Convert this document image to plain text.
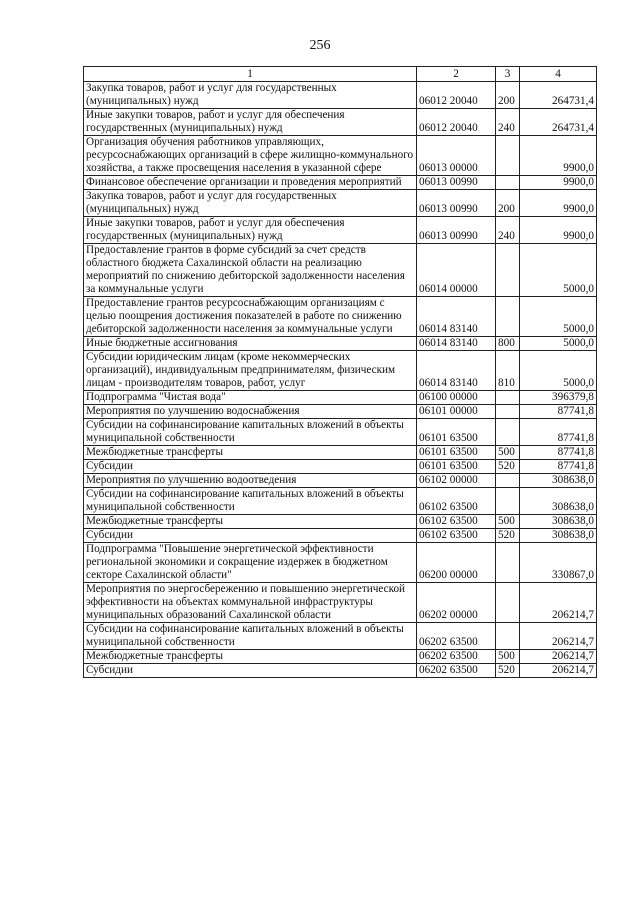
256
1	2	3	4
Закупка товаров, работ и услуг для государственных (муниципальных) нужд	06012 20040	200	264731,4
Иные закупки товаров, работ и услуг для обеспечения государственных (муниципальных) нужд	06012 20040	240	264731,4
Организация обучения работников управляющих, ресурсоснабжающих организаций в сфере жилищно-коммунального хозяйства, а также просвещения населения в указанной сфере	06013 00000		9900,0
Финансовое обеспечение организации и проведения мероприятий	06013 00990		9900,0
Закупка товаров, работ и услуг для государственных (муниципальных) нужд	06013 00990	200	9900,0
Иные закупки товаров, работ и услуг для обеспечения государственных (муниципальных) нужд	06013 00990	240	9900,0
Предоставление грантов в форме субсидий за счет средств областного бюджета Сахалинской области на реализацию мероприятий по снижению дебиторской задолженности населения за коммунальные услуги	06014 00000		5000,0
Предоставление грантов ресурсоснабжающим организациям с целью поощрения достижения показателей в работе по снижению дебиторской задолженности населения за коммунальные услуги	06014 83140		5000,0
Иные бюджетные ассигнования	06014 83140	800	5000,0
Субсидии юридическим лицам (кроме некоммерческих организаций), индивидуальным предпринимателям, физическим лицам - производителям товаров, работ, услуг	06014 83140	810	5000,0
Подпрограмма "Чистая вода"	06100 00000		396379,8
Мероприятия по улучшению водоснабжения	06101 00000		87741,8
Субсидии на софинансирование капитальных вложений в объекты муниципальной собственности	06101 63500		87741,8
Межбюджетные трансферты	06101 63500	500	87741,8
Субсидии	06101 63500	520	87741,8
Мероприятия по улучшению водоотведения	06102 00000		308638,0
Субсидии на софинансирование капитальных вложений в объекты муниципальной собственности	06102 63500		308638,0
Межбюджетные трансферты	06102 63500	500	308638,0
Субсидии	06102 63500	520	308638,0
Подпрограмма "Повышение энергетической эффективности региональной экономики и сокращение издержек в бюджетном секторе Сахалинской области"	06200 00000		330867,0
Мероприятия по энергосбережению и повышению энергетической эффективности на объектах коммунальной инфраструктуры муниципальных образований Сахалинской области	06202 00000		206214,7
Субсидии на софинансирование капитальных вложений в объекты муниципальной собственности	06202 63500		206214,7
Межбюджетные трансферты	06202 63500	500	206214,7
Субсидии	06202 63500	520	206214,7
